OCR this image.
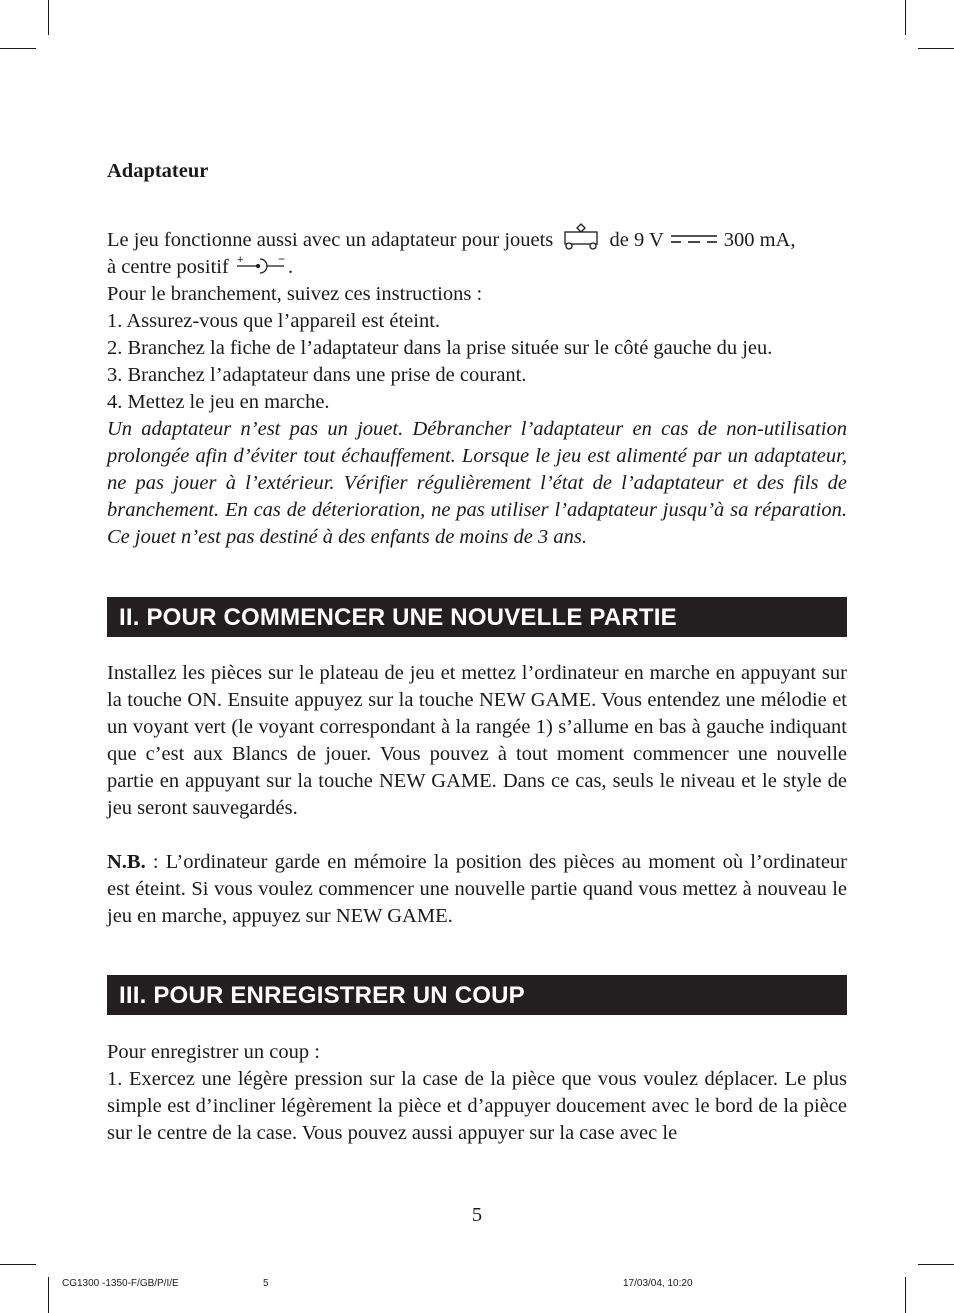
Adaptateur

Le jeu fonctionne aussi avec un adaptateur pour jouets	de 9 V	300 mA,

à centre positif +	− .

Pour le branchement, suivez ces instructions :

1. Assurez-vous que l’appareil est éteint.

2. Branchez la fiche de l’adaptateur dans la prise située sur le côté gauche du jeu.

3. Branchez l’adaptateur dans une prise de courant.

4. Mettez le jeu en marche.

Un adaptateur n’est pas un jouet. Débrancher l’adaptateur en cas de non-utilisation prolongée afin d’éviter tout échauffement. Lorsque le jeu est alimenté par un adaptateur, ne pas jouer à l’extérieur. Vérifier régulièrement l’état de l’adaptateur et des fils de branchement. En cas de déterioration, ne pas utiliser l’adaptateur jusqu’à sa réparation. Ce jouet n’est pas destiné à des enfants de moins de 3 ans.

II. POUR COMMENCER UNE NOUVELLE PARTIE

Installez les pièces sur le plateau de jeu et mettez l’ordinateur en marche en appuyant sur la touche ON. Ensuite appuyez sur la touche NEW GAME. Vous entendez une mélodie et un voyant vert (le voyant correspondant à la rangée 1) s’allume en bas à gauche indiquant que c’est aux Blancs de jouer. Vous pouvez à tout moment commencer une nouvelle partie en appuyant sur la touche NEW GAME. Dans ce cas, seuls le niveau et le style de jeu seront sauvegardés.

N.B. : L’ordinateur garde en mémoire la position des pièces au moment où l’ordinateur est éteint. Si vous voulez commencer une nouvelle partie quand vous mettez à nouveau le jeu en marche, appuyez sur NEW GAME.

III. POUR ENREGISTRER UN COUP

Pour enregistrer un coup :

1. Exercez une légère pression sur la case de la pièce que vous voulez déplacer. Le plus simple est d’incliner légèrement la pièce et d’appuyer doucement avec le bord de la pièce sur le centre de la case. Vous pouvez aussi appuyer sur la case avec le

5
CG1300 -1350-F/GB/P/I/E	5	17/03/04, 10:20
